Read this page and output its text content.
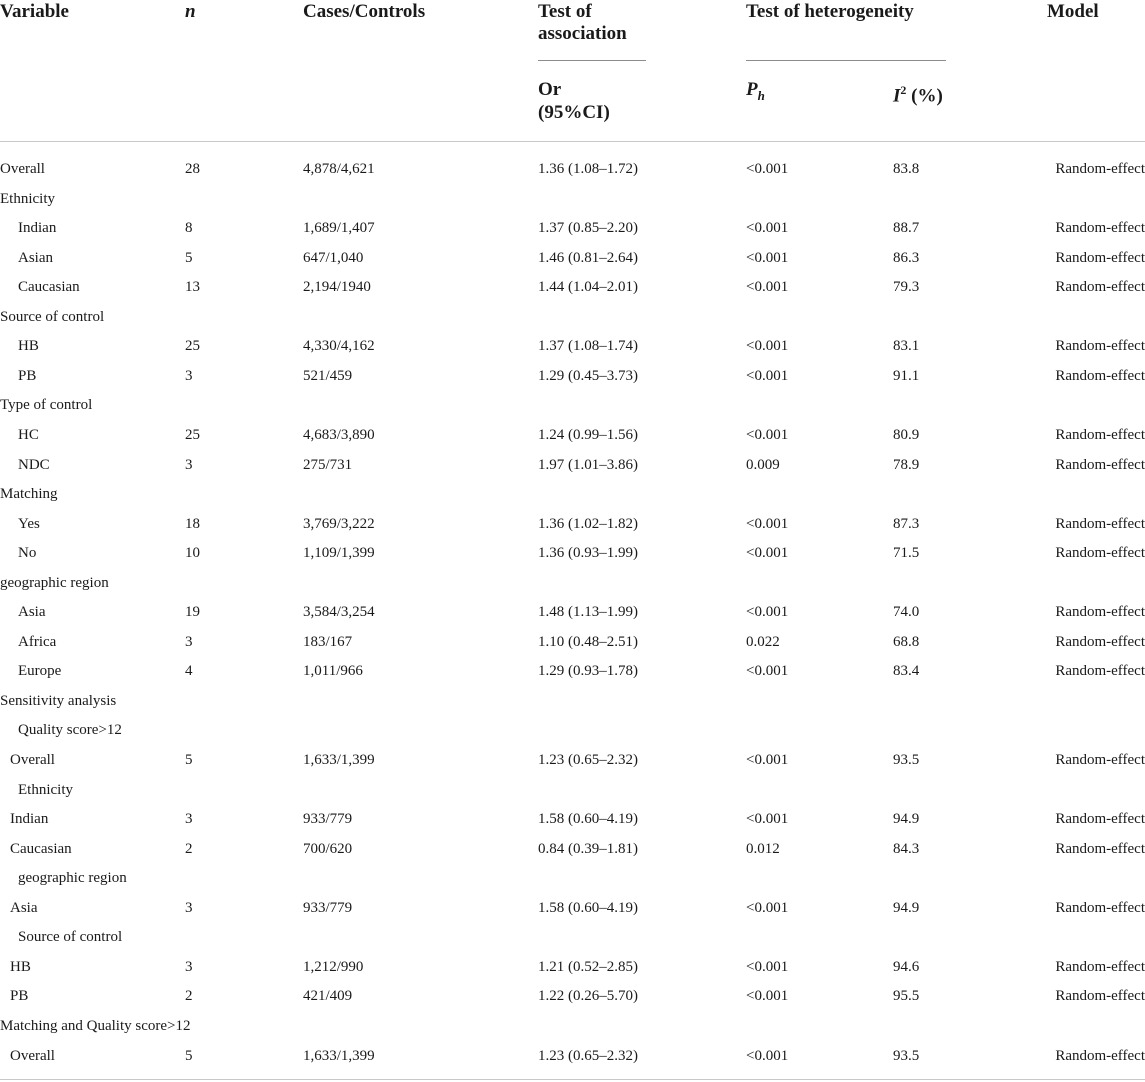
Variable	n	Cases/Controls	Test of
association
Test of heterogeneity	Model
Or
(95%CI)
$P_h$	$I^2$ (%)
Overall	28	4,878/4,621	1.36 (1.08–1.72)	<0.001	83.8	Random-effect
Ethnicity
Indian	8	1,689/1,407	1.37 (0.85–2.20)	<0.001	88.7	Random-effect
Asian	5	647/1,040	1.46 (0.81–2.64)	<0.001	86.3	Random-effect
Caucasian	13	2,194/1940	1.44 (1.04–2.01)	<0.001	79.3	Random-effect
Source of control
HB	25	4,330/4,162	1.37 (1.08–1.74)	<0.001	83.1	Random-effect
PB	3	521/459	1.29 (0.45–3.73)	<0.001	91.1	Random-effect
Type of control
HC	25	4,683/3,890	1.24 (0.99–1.56)	<0.001	80.9	Random-effect
NDC	3	275/731	1.97 (1.01–3.86)	0.009	78.9	Random-effect
Matching
Yes	18	3,769/3,222	1.36 (1.02–1.82)	<0.001	87.3	Random-effect
No	10	1,109/1,399	1.36 (0.93–1.99)	<0.001	71.5	Random-effect
geographic region
Asia	19	3,584/3,254	1.48 (1.13–1.99)	<0.001	74.0	Random-effect
Africa	3	183/167	1.10 (0.48–2.51)	0.022	68.8	Random-effect
Europe	4	1,011/966	1.29 (0.93–1.78)	<0.001	83.4	Random-effect
Sensitivity analysis
Quality score>12
Overall	5	1,633/1,399	1.23 (0.65–2.32)	<0.001	93.5	Random-effect
Ethnicity
Indian	3	933/779	1.58 (0.60–4.19)	<0.001	94.9	Random-effect
Caucasian	2	700/620	0.84 (0.39–1.81)	0.012	84.3	Random-effect
geographic region
Asia	3	933/779	1.58 (0.60–4.19)	<0.001	94.9	Random-effect
Source of control
HB	3	1,212/990	1.21 (0.52–2.85)	<0.001	94.6	Random-effect
PB	2	421/409	1.22 (0.26–5.70)	<0.001	95.5	Random-effect
Matching and Quality score>12
Overall	5	1,633/1,399	1.23 (0.65–2.32)	<0.001	93.5	Random-effect
